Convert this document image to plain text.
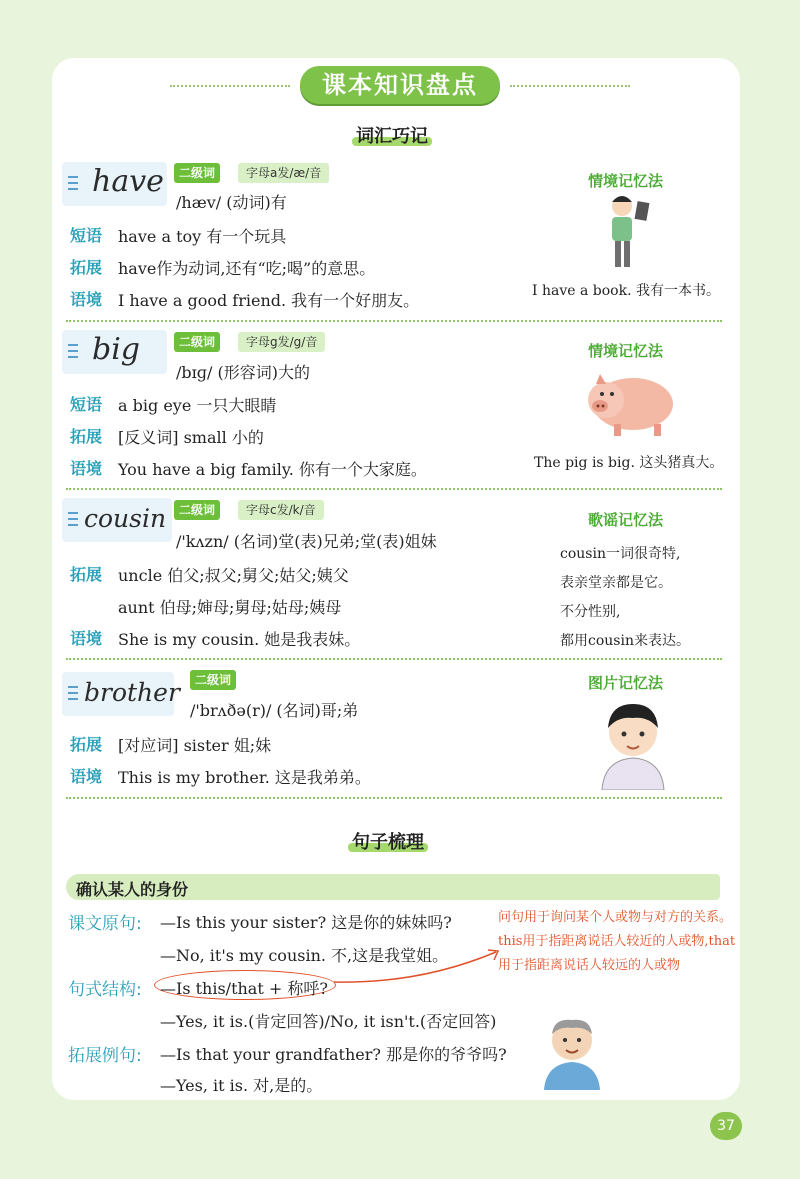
课本知识盘点
词汇巧记
have	二级词	字母a发/æ/音
/hæv/ (动词)有
短语 have a toy 有一个玩具
拓展 have作为动词,还有“吃;喝”的意思。
语境 I have a good friend. 我有一个好朋友。
情境记忆法
I have a book. 我有一本书。
big	二级词	字母g发/g/音
/bɪɡ/ (形容词)大的
短语 a big eye 一只大眼睛
拓展 [反义词] small 小的
语境 You have a big family. 你有一个大家庭。
情境记忆法
The pig is big. 这头猪真大。
cousin	二级词	字母c发/k/音
/'kʌzn/ (名词)堂(表)兄弟;堂(表)姐妹
拓展 uncle 伯父;叔父;舅父;姑父;姨父
aunt 伯母;婶母;舅母;姑母;姨母
语境 She is my cousin. 她是我表妹。
歌谣记忆法
cousin一词很奇特,
表亲堂亲都是它。
不分性别,
都用cousin来表达。
brother	二级词
/'brʌðə(r)/ (名词)哥;弟
拓展 [对应词] sister 姐;妹
语境 This is my brother. 这是我弟弟。
图片记忆法
句子梳理
确认某人的身份
课文原句: —Is this your sister? 这是你的妹妹吗?
—No, it's my cousin. 不,这是我堂姐。
句式结构: —Is this/that + 称呼?
—Yes, it is.(肯定回答)/No, it isn't.(否定回答)
拓展例句: —Is that your grandfather? 那是你的爷爷吗?
—Yes, it is. 对,是的。
问句用于询问某个人或物与对方的关系。this用于指距离说话人较近的人或物,that用于指距离说话人较远的人或物
37
